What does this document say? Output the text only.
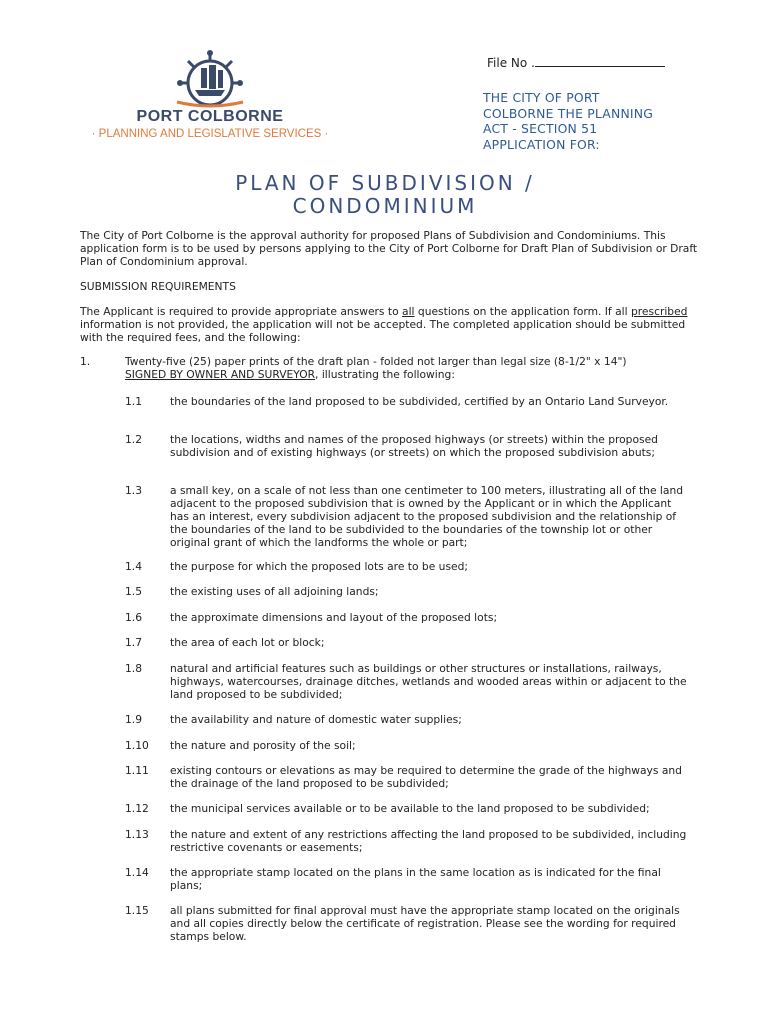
PORT COLBORNE
· PLANNING AND LEGISLATIVE SERVICES ·
File No .
THE CITY OF PORT
COLBORNE THE PLANNING
ACT - SECTION 51
APPLICATION FOR:
PLAN OF SUBDIVISION /
CONDOMINIUM
The City of Port Colborne is the approval authority for proposed Plans of Subdivision and Condominiums. This application form is to be used by persons applying to the City of Port Colborne for Draft Plan of Subdivision or Draft Plan of Condominium approval.
SUBMISSION REQUIREMENTS
The Applicant is required to provide appropriate answers to all questions on the application form. If all prescribed information is not provided, the application will not be accepted. The completed application should be submitted with the required fees, and the following:
1.	Twenty-five (25) paper prints of the draft plan - folded not larger than legal size (8-1/2" x 14")
SIGNED BY OWNER AND SURVEYOR, illustrating the following:
1.1	the boundaries of the land proposed to be subdivided, certified by an Ontario Land Surveyor.
1.2	the locations, widths and names of the proposed highways (or streets) within the proposed subdivision and of existing highways (or streets) on which the proposed subdivision abuts;
1.3	a small key, on a scale of not less than one centimeter to 100 meters, illustrating all of the land adjacent to the proposed subdivision that is owned by the Applicant or in which the Applicant has an interest, every subdivision adjacent to the proposed subdivision and the relationship of the boundaries of the land to be subdivided to the boundaries of the township lot or other original grant of which the landforms the whole or part;
1.4	the purpose for which the proposed lots are to be used;
1.5	the existing uses of all adjoining lands;
1.6	the approximate dimensions and layout of the proposed lots;
1.7	the area of each lot or block;
1.8	natural and artificial features such as buildings or other structures or installations, railways, highways, watercourses, drainage ditches, wetlands and wooded areas within or adjacent to the land proposed to be subdivided;
1.9	the availability and nature of domestic water supplies;
1.10 the nature and porosity of the soil;
1.11 existing contours or elevations as may be required to determine the grade of the highways and the drainage of the land proposed to be subdivided;
1.12 the municipal services available or to be available to the land proposed to be subdivided;
1.13 the nature and extent of any restrictions affecting the land proposed to be subdivided, including restrictive covenants or easements;
1.14 the appropriate stamp located on the plans in the same location as is indicated for the final plans;
1.15 all plans submitted for final approval must have the appropriate stamp located on the originals and all copies directly below the certificate of registration. Please see the wording for required stamps below.
